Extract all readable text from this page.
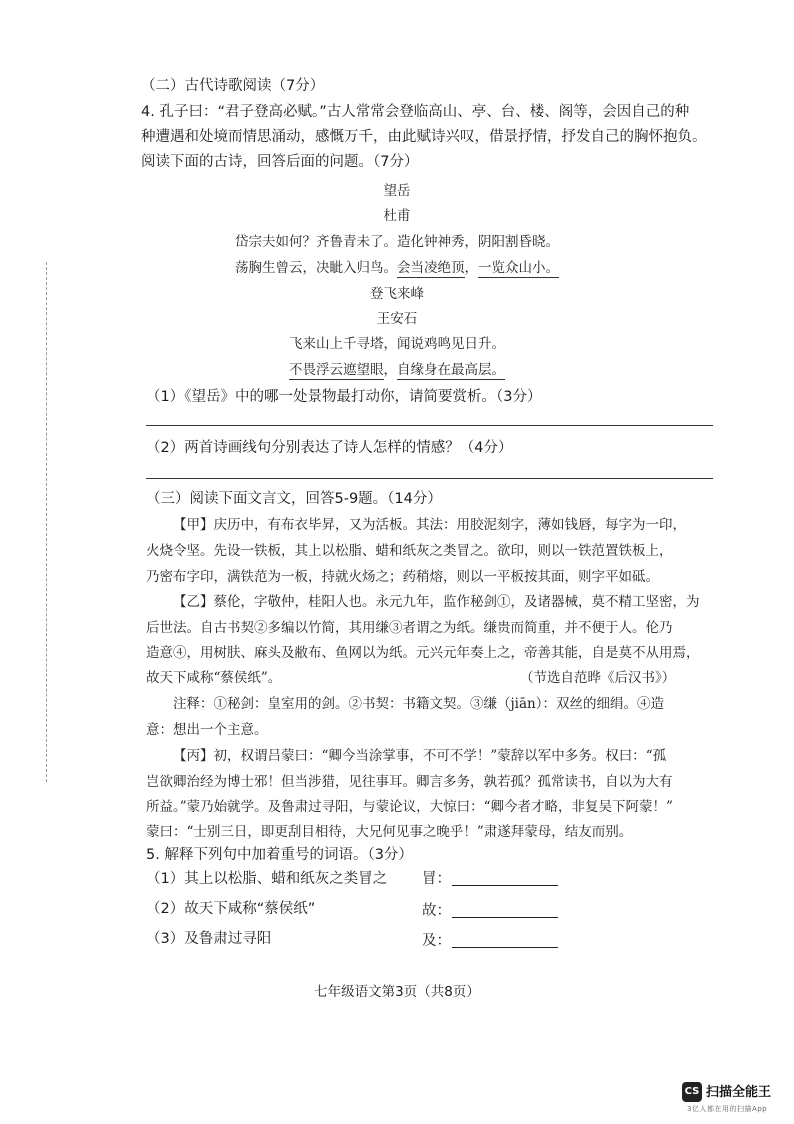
（二）古代诗歌阅读（7分）
4. 孔子曰：“君子登高必赋。”古人常常会登临高山、亭、台、楼、阁等，会因自己的种
种遭遇和处境而情思涌动，感慨万千，由此赋诗兴叹，借景抒情，抒发自己的胸怀抱负。
阅读下面的古诗，回答后面的问题。（7分）
望岳
杜甫
岱宗夫如何？齐鲁青未了。造化钟神秀，阴阳割昏晓。
荡胸生曾云，决眦入归鸟。会当凌绝顶，一览众山小。
登飞来峰
王安石
飞来山上千寻塔，闻说鸡鸣见日升。
不畏浮云遮望眼，自缘身在最高层。
（1）《望岳》中的哪一处景物最打动你，请简要赏析。（3分）
（2）两首诗画线句分别表达了诗人怎样的情感？（4分）
（三）阅读下面文言文，回答5-9题。（14分）
【甲】庆历中，有布衣毕昇，又为活板。其法：用胶泥刻字，薄如钱唇，每字为一印，
火烧令坚。先设一铁板，其上以松脂、蜡和纸灰之类冒之。欲印，则以一铁范置铁板上，
乃密布字印，满铁范为一板，持就火炀之；药稍熔，则以一平板按其面，则字平如砥。
【乙】蔡伦，字敬仲，桂阳人也。永元九年，监作秘剑①，及诸器械，莫不精工坚密，为
后世法。自古书契②多编以竹简，其用缣③者谓之为纸。缣贵而简重，并不便于人。伦乃
造意④，用树肤、麻头及敝布、鱼网以为纸。元兴元年奏上之，帝善其能，自是莫不从用焉，
故天下咸称“蔡侯纸”。	（节选自范晔《后汉书》）
注释：①秘剑：皇室用的剑。②书契：书籍文契。③缣（jiān）：双丝的细绢。④造
意：想出一个主意。
【丙】初，权谓吕蒙曰：“卿今当涂掌事，不可不学！”蒙辞以军中多务。权曰：“孤
岂欲卿治经为博士邪！但当涉猎，见往事耳。卿言多务，孰若孤？孤常读书，自以为大有
所益。”蒙乃始就学。及鲁肃过寻阳，与蒙论议，大惊曰：“卿今者才略，非复吴下阿蒙！”
蒙曰：“士别三日，即更刮目相待，大兄何见事之晚乎！”肃遂拜蒙母，结友而别。
5. 解释下列句中加着重号的词语。（3分）
（1）其上以松脂、蜡和纸灰之类冒之 冒：
（2）故天下咸称“蔡侯纸”	故：
（3）及鲁肃过寻阳	及：
七年级语文第3页（共8页）
CS 扫描全能王
3亿人都在用的扫描App
